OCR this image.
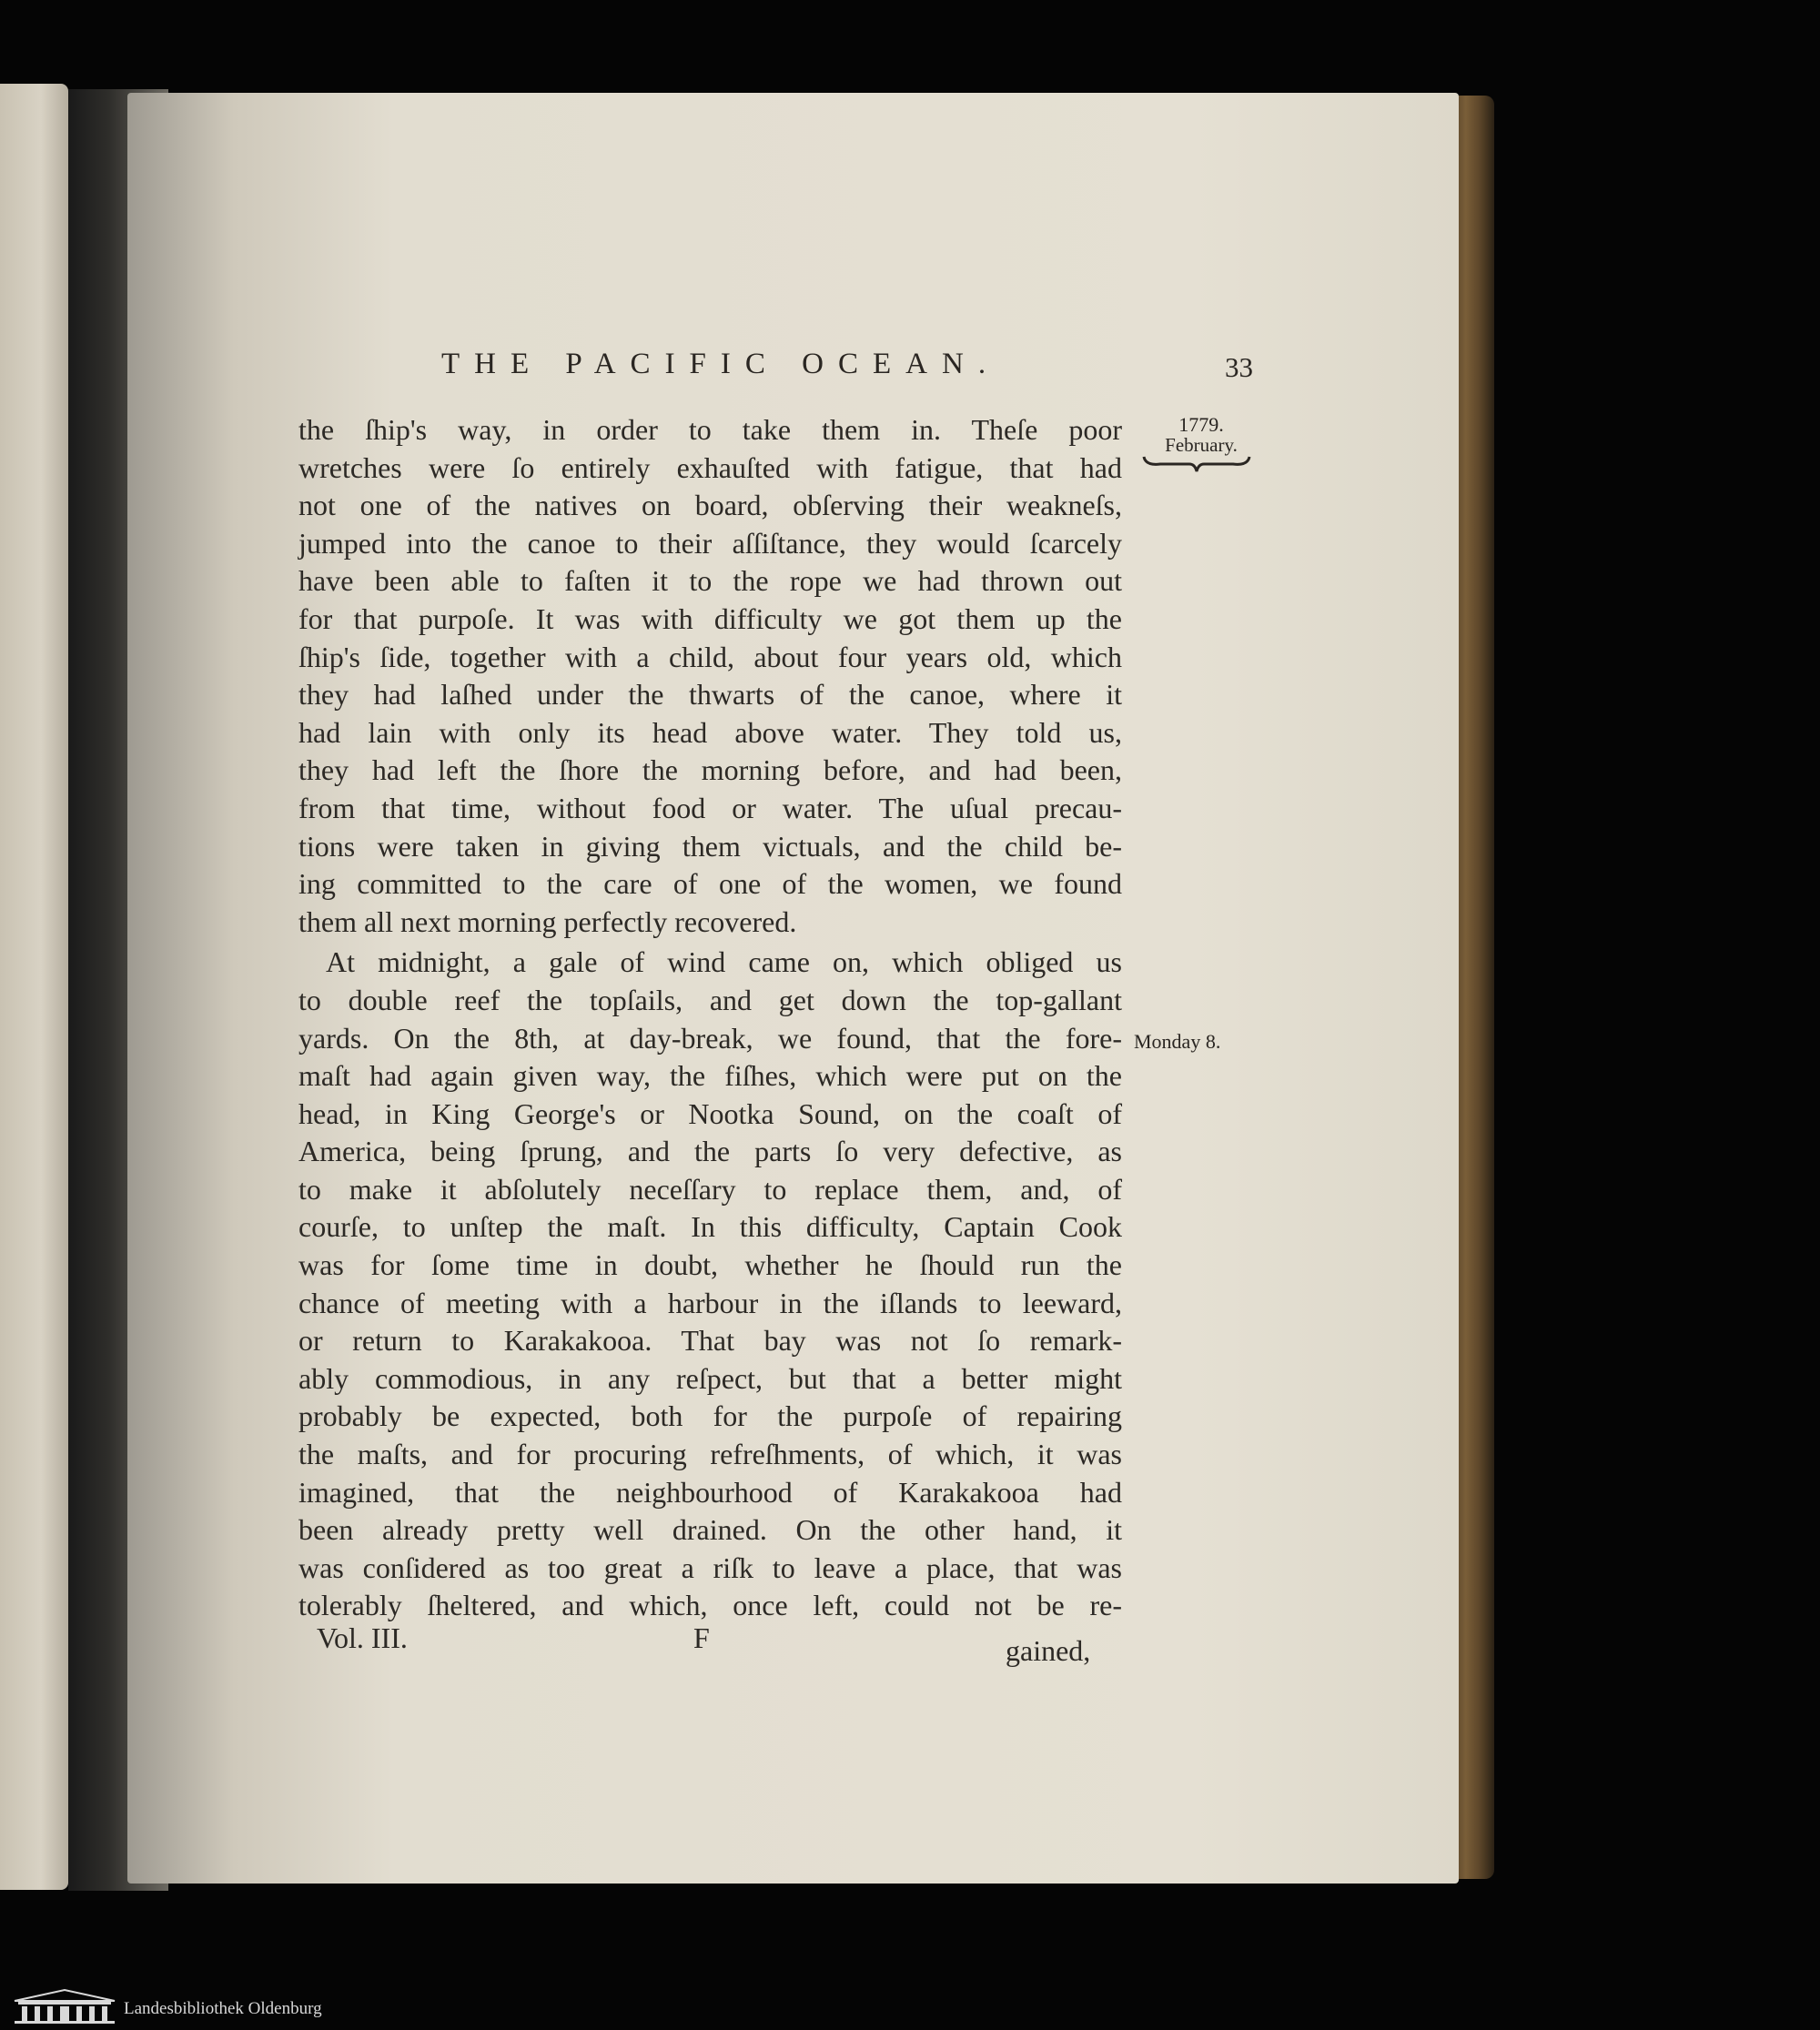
THE PACIFIC OCEAN.	33
1779.
February.
Monday 8.
the ſhip's way, in order to take them in. Theſe poor
wretches were ſo entirely exhauſted with fatigue, that had
not one of the natives on board, obſerving their weakneſs,
jumped into the canoe to their aſſiſtance, they would ſcarcely
have been able to faſten it to the rope we had thrown out
for that purpoſe. It was with difficulty we got them up the
ſhip's ſide, together with a child, about four years old, which
they had laſhed under the thwarts of the canoe, where it
had lain with only its head above water. They told us,
they had left the ſhore the morning before, and had been,
from that time, without food or water. The uſual precau-
tions were taken in giving them victuals, and the child be-
ing committed to the care of one of the women, we found
them all next morning perfectly recovered.
At midnight, a gale of wind came on, which obliged us
to double reef the topſails, and get down the top-gallant
yards. On the 8th, at day-break, we found, that the fore-
maſt had again given way, the fiſhes, which were put on the
head, in King George's or Nootka Sound, on the coaſt of
America, being ſprung, and the parts ſo very defective, as
to make it abſolutely neceſſary to replace them, and, of
courſe, to unſtep the maſt. In this difficulty, Captain Cook
was for ſome time in doubt, whether he ſhould run the
chance of meeting with a harbour in the iſlands to leeward,
or return to Karakakooa. That bay was not ſo remark-
ably commodious, in any reſpect, but that a better might
probably be expected, both for the purpoſe of repairing
the maſts, and for procuring refreſhments, of which, it was
imagined, that the neighbourhood of Karakakooa had
been already pretty well drained. On the other hand, it
was conſidered as too great a riſk to leave a place, that was
tolerably ſheltered, and which, once left, could not be re-
Vol. III.	F	gained,
Landesbibliothek Oldenburg
